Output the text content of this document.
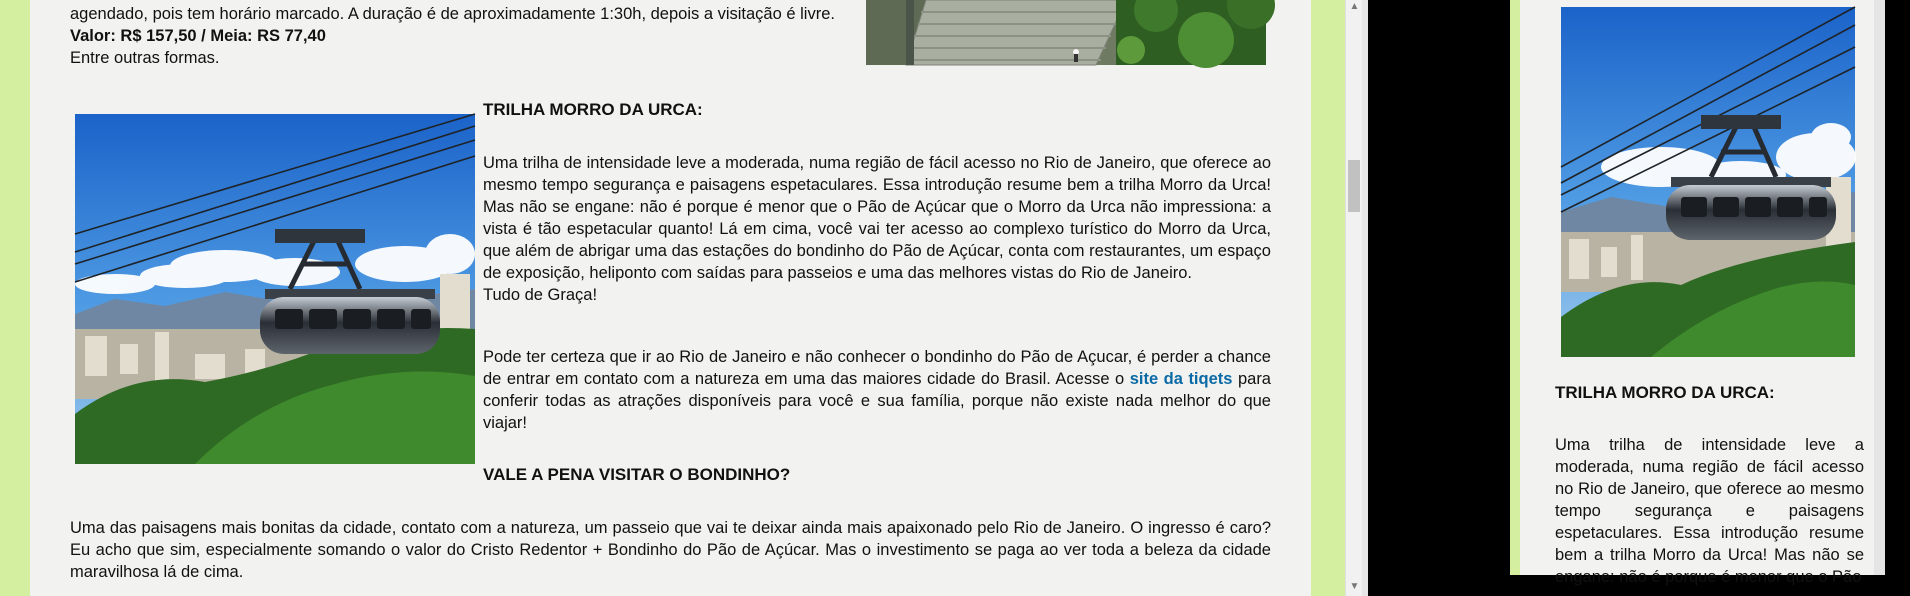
agendado, pois tem horário marcado. A duração é de aproximadamente 1:30h, depois a visitação é livre.

Valor: R$ 157,50 / Meia: RS 77,40

Entre outras formas.

TRILHA MORRO DA URCA:

Uma trilha de intensidade leve a moderada, numa região de fácil acesso no Rio de Janeiro, que oferece ao mesmo tempo segurança e paisagens espetaculares. Essa introdução resume bem a trilha Morro da Urca! Mas não se engane: não é porque é menor que o Pão de Açúcar que o Morro da Urca não impressiona: a vista é tão espetacular quanto! Lá em cima, você vai ter acesso ao complexo turístico do Morro da Urca, que além de abrigar uma das estações do bondinho do Pão de Açúcar, conta com restaurantes, um espaço de exposição, heliponto com saídas para passeios e uma das melhores vistas do Rio de Janeiro.

Tudo de Graça!

Pode ter certeza que ir ao Rio de Janeiro e não conhecer o bondinho do Pão de Açucar, é perder a chance de entrar em contato com a natureza em uma das maiores cidade do Brasil. Acesse o site da tiqets para conferir todas as atrações disponíveis para você e sua família, porque não existe nada melhor do que viajar!

VALE A PENA VISITAR O BONDINHO?

Uma das paisagens mais bonitas da cidade, contato com a natureza, um passeio que vai te deixar ainda mais apaixonado pelo Rio de Janeiro. O ingresso é caro? Eu acho que sim, especialmente somando o valor do Cristo Redentor + Bondinho do Pão de Açúcar. Mas o investimento se paga ao ver toda a beleza da cidade maravilhosa lá de cima.

▲
▼
TRILHA MORRO DA URCA:

Uma trilha de intensidade leve a moderada, numa região de fácil acesso no Rio de Janeiro, que oferece ao mesmo tempo segurança e paisagens espetaculares. Essa introdução resume bem a trilha Morro da Urca! Mas não se engane: não é porque é menor que o Pão
